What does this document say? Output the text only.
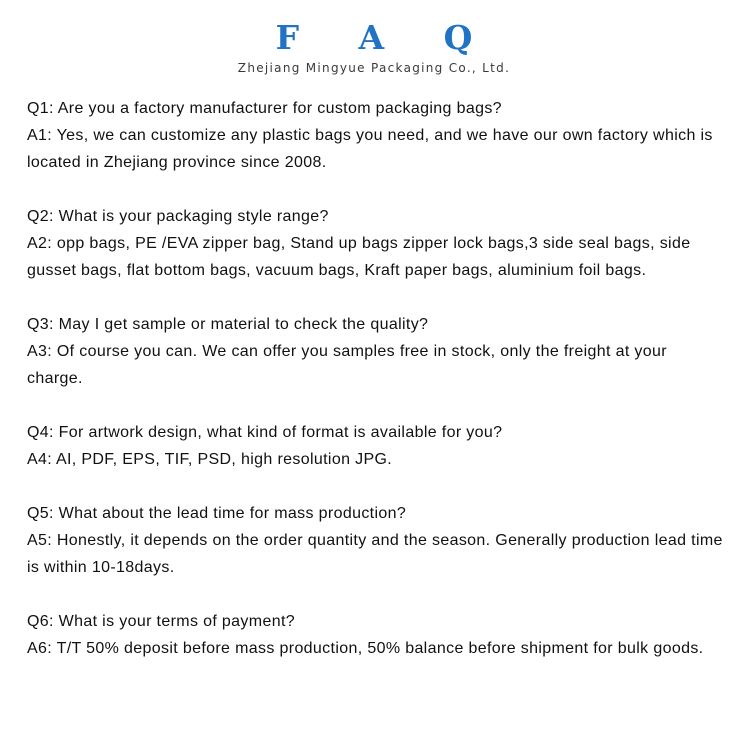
F A Q
Zhejiang Mingyue Packaging Co., Ltd.

Q1: Are you a factory manufacturer for custom packaging bags?

A1: Yes, we can customize any plastic bags you need, and we have our own factory which is located in Zhejiang province since 2008.

Q2: What is your packaging style range?

A2: opp bags, PE /EVA zipper bag, Stand up bags zipper lock bags,3 side seal bags, side gusset bags, flat bottom bags, vacuum bags, Kraft paper bags, aluminium foil bags.

Q3: May I get sample or material to check the quality?

A3: Of course you can. We can offer you samples free in stock, only the freight at your charge.

Q4: For artwork design, what kind of format is available for you?

A4: AI, PDF, EPS, TIF, PSD, high resolution JPG.

Q5: What about the lead time for mass production?

A5: Honestly, it depends on the order quantity and the season. Generally production lead time is within 10-18days.

Q6: What is your terms of payment?

A6: T/T 50% deposit before mass production, 50% balance before shipment for bulk goods.
